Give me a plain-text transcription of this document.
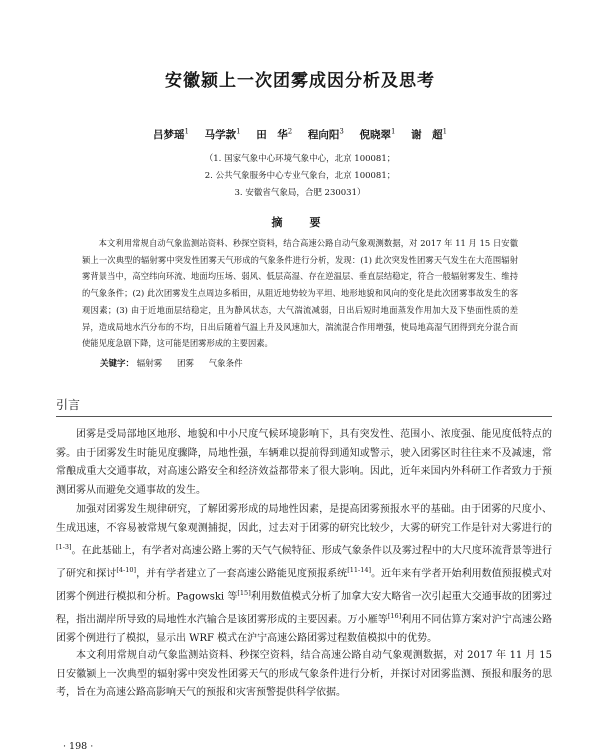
安徽颍上一次团雾成因分析及思考
吕梦瑶$^1$ 马学款$^1$ 田　华$^2$ 程向阳$^3$ 倪晓翠$^1$ 谢　超$^1$
（1. 国家气象中心环境气象中心，北京 100081；
2. 公共气象服务中心专业气象台，北京 100081；
3. 安徽省气象局，合肥 230031）
摘　要

本文利用常规自动气象监测站资料、秒探空资料，结合高速公路自动气象观测数据，对 2017 年 11 月 15 日安徽颍上一次典型的辐射雾中突发性团雾天气形成的气象条件进行分析，发现：(1) 此次突发性团雾天气发生在大范围辐射雾背景当中，高空纬向环流、地面均压场、弱风、低层高湿、存在逆温层、垂直层结稳定，符合一般辐射雾发生、维持的气象条件；(2) 此次团雾发生点周边多稻田，从阻近地势较为平坦、地形地貌和风向的变化是此次团雾事故发生的客观因素；(3) 由于近地面层结稳定，且为静风状态，大气湍流减弱，日出后短时地面蒸发作用加大及下垫面性质的差异，造成局地水汽分布的不均，日出后随着气温上升及风速加大，湍流混合作用增强，使局地高湿气团得到充分混合而使能见度急剧下降，这可能是团雾形成的主要因素。

关键字： 辐射雾 团雾 气象条件
引言

团雾是受局部地区地形、地貌和中小尺度气候环境影响下，具有突发性、范围小、浓度强、能见度低特点的雾。由于团雾发生时能见度骤降，局地性强，车辆难以提前得到通知或警示，驶入团雾区时往往来不及减速，常常酿成重大交通事故，对高速公路安全和经济效益都带来了很大影响。因此，近年来国内外科研工作者致力于预测团雾从而避免交通事故的发生。

加强对团雾发生规律研究，了解团雾形成的局地性因素，是提高团雾预报水平的基础。由于团雾的尺度小、生成迅速，不容易被常规气象观测捕捉，因此，过去对于团雾的研究比较少，大雾的研究工作是针对大雾进行的[1-3]。在此基础上，有学者对高速公路上雾的天气气候特征、形成气象条件以及雾过程中的大尺度环流背景等进行了研究和探讨[4-10]，并有学者建立了一套高速公路能见度预报系统[11-14]。近年来有学者开始利用数值预报模式对团雾个例进行模拟和分析。Pagowski 等[15]利用数值模式分析了加拿大安大略省一次引起重大交通事故的团雾过程，指出湖岸所导致的局地性水汽输合是该团雾形成的主要因素。万小雁等[16]利用不同估算方案对沪宁高速公路团雾个例进行了模拟，显示出 WRF 模式在沪宁高速公路团雾过程数值模拟中的优势。

本文利用常规自动气象监测站资料、秒探空资料，结合高速公路自动气象观测数据，对 2017 年 11 月 15 日安徽颍上一次典型的辐射雾中突发性团雾天气的形成气象条件进行分析，并探讨对团雾监测、预报和服务的思考，旨在为高速公路高影响天气的预报和灾害预警提供科学依据。

· 198 ·
